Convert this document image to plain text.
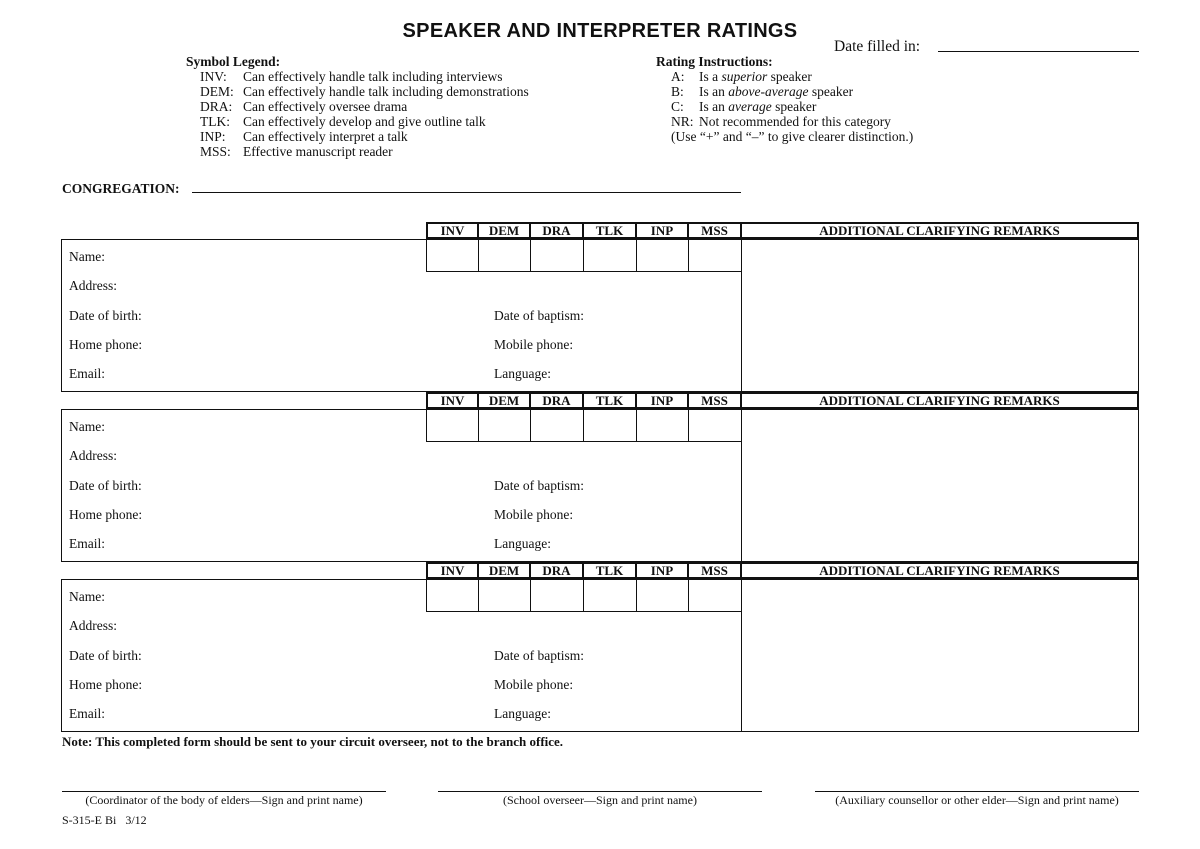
SPEAKER AND INTERPRETER RATINGS
Date filled in:
Symbol Legend:
INV:	Can effectively handle talk including interviews
DEM: Can effectively handle talk including demonstrations
DRA: Can effectively oversee drama
TLK: Can effectively develop and give outline talk
INP:	Can effectively interpret a talk
MSS: Effective manuscript reader
Rating Instructions:
A:	Is a superior speaker
B:	Is an above-average speaker
C:	Is an average speaker
NR: Not recommended for this category
(Use “+” and “–” to give clearer distinction.)
CONGREGATION:
INV	DEM	DRA	TLK	INP	MSS	ADDITIONAL CLARIFYING REMARKS
Name:
Address:
Date of birth:	Date of baptism:
Home phone:	Mobile phone:
Email:	Language:
INV	DEM	DRA	TLK	INP	MSS	ADDITIONAL CLARIFYING REMARKS
Name:
Address:
Date of birth:	Date of baptism:
Home phone:	Mobile phone:
Email:	Language:
INV	DEM	DRA	TLK	INP	MSS	ADDITIONAL CLARIFYING REMARKS
Name:
Address:
Date of birth:	Date of baptism:
Home phone:	Mobile phone:
Email:	Language:
Note: This completed form should be sent to your circuit overseer, not to the branch office.
(Coordinator of the body of elders—Sign and print name)	(School overseer—Sign and print name)	(Auxiliary counsellor or other elder—Sign and print name)
S-315-E Bi   3/12
